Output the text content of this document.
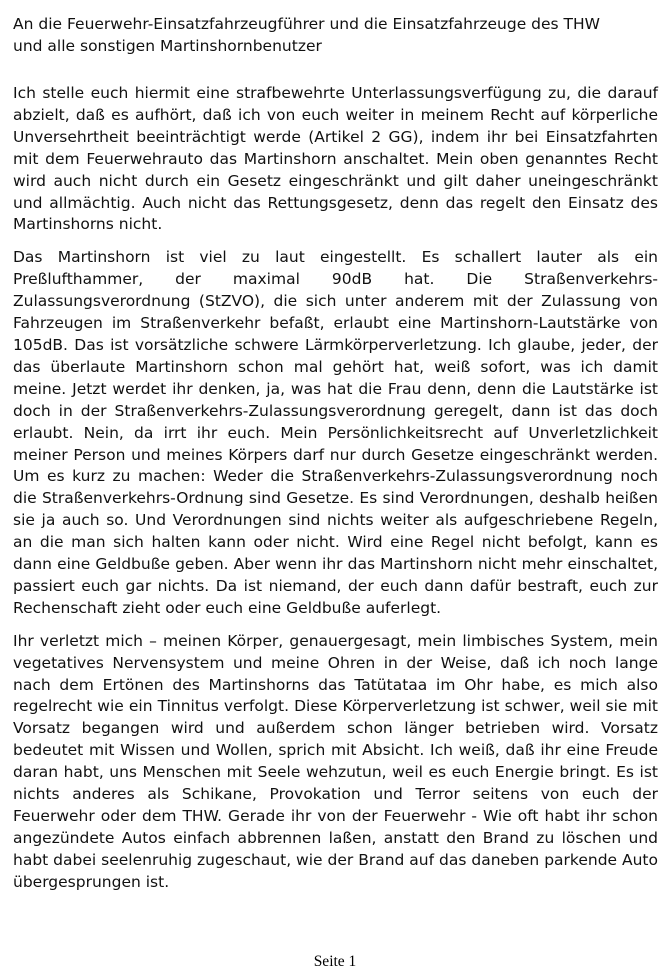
An die Feuerwehr-Einsatzfahrzeugführer und die Einsatzfahrzeuge des THW

und alle sonstigen Martinshornbenutzer

Ich stelle euch hiermit eine strafbewehrte Unterlassungsverfügung zu, die darauf abzielt, daß es aufhört, daß ich von euch weiter in meinem Recht auf körperliche Unversehrtheit beeinträchtigt werde (Artikel 2 GG), indem ihr bei Einsatzfahrten mit dem Feuerwehrauto das Martinshorn anschaltet. Mein oben genanntes Recht wird auch nicht durch ein Gesetz eingeschränkt und gilt daher uneingeschränkt und allmächtig. Auch nicht das Rettungsgesetz, denn das regelt den Einsatz des Martinshorns nicht.

Das Martinshorn ist viel zu laut eingestellt. Es schallert lauter als ein Preßlufthammer, der maximal 90dB hat. Die Straßenverkehrs-Zulassungsverordnung (StZVO), die sich unter anderem mit der Zulassung von Fahrzeugen im Straßenverkehr befaßt, erlaubt eine Martinshorn-Lautstärke von 105dB. Das ist vorsätzliche schwere Lärmkörperverletzung. Ich glaube, jeder, der das überlaute Martinshorn schon mal gehört hat, weiß sofort, was ich damit meine. Jetzt werdet ihr denken, ja, was hat die Frau denn, denn die Lautstärke ist doch in der Straßenverkehrs-Zulassungsverordnung geregelt, dann ist das doch erlaubt. Nein, da irrt ihr euch. Mein Persönlichkeitsrecht auf Unverletzlichkeit meiner Person und meines Körpers darf nur durch Gesetze eingeschränkt werden. Um es kurz zu machen: Weder die Straßenverkehrs-Zulassungsverordnung noch die Straßenverkehrs-Ordnung sind Gesetze. Es sind Verordnungen, deshalb heißen sie ja auch so. Und Verordnungen sind nichts weiter als aufgeschriebene Regeln, an die man sich halten kann oder nicht. Wird eine Regel nicht befolgt, kann es dann eine Geldbuße geben. Aber wenn ihr das Martinshorn nicht mehr einschaltet, passiert euch gar nichts. Da ist niemand, der euch dann dafür bestraft, euch zur Rechenschaft zieht oder euch eine Geldbuße auferlegt.

Ihr verletzt mich – meinen Körper, genauergesagt, mein limbisches System, mein vegetatives Nervensystem und meine Ohren in der Weise, daß ich noch lange nach dem Ertönen des Martinshorns das Tatütataa im Ohr habe, es mich also regelrecht wie ein Tinnitus verfolgt. Diese Körperverletzung ist schwer, weil sie mit Vorsatz begangen wird und außerdem schon länger betrieben wird. Vorsatz bedeutet mit Wissen und Wollen, sprich mit Absicht. Ich weiß, daß ihr eine Freude daran habt, uns Menschen mit Seele wehzutun, weil es euch Energie bringt. Es ist nichts anderes als Schikane, Provokation und Terror seitens von euch der Feuerwehr oder dem THW. Gerade ihr von der Feuerwehr - Wie oft habt ihr schon angezündete Autos einfach abbrennen laßen, anstatt den Brand zu löschen und habt dabei seelenruhig zugeschaut, wie der Brand auf das daneben parkende Auto übergesprungen ist.

Seite 1
